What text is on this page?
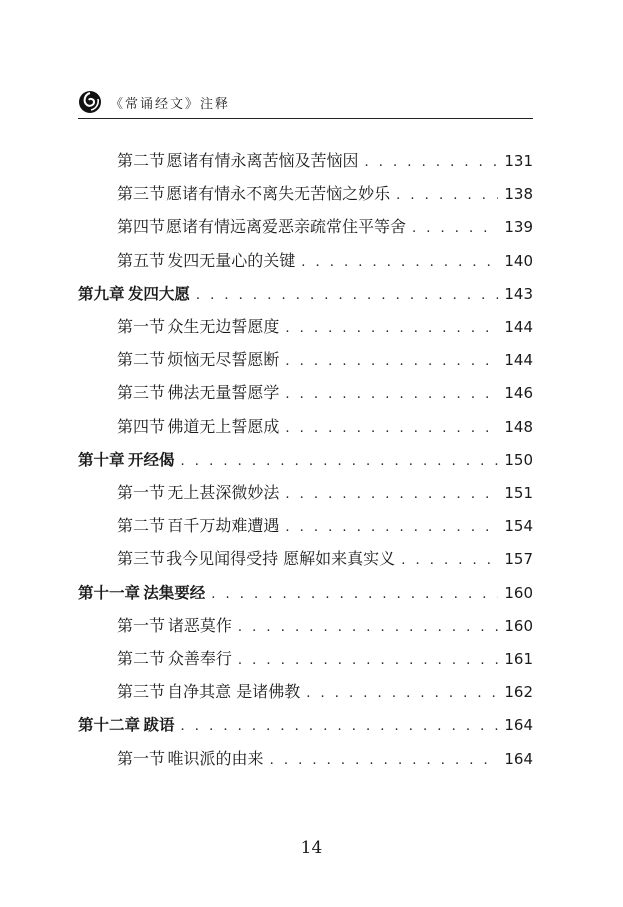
《常诵经文》注释
第二节 愿诸有情永离苦恼及苦恼因 . . .	131
第三节 愿诸有情永不离失无苦恼之妙乐 . . .	138
第四节 愿诸有情远离爱恶亲疏常住平等舍 . . .	139
第五节 发四无量心的关键 . . .	140
第九章 发四大愿 . . .	143
第一节 众生无边誓愿度 . . .	144
第二节 烦恼无尽誓愿断 . . .	144
第三节 佛法无量誓愿学 . . .	146
第四节 佛道无上誓愿成 . . .	148
第十章 开经偈 . . .	150
第一节 无上甚深微妙法 . . .	151
第二节 百千万劫难遭遇 . . .	154
第三节 我今见闻得受持 愿解如来真实义 . . .	157
第十一章 法集要经 . . .	160
第一节 诸恶莫作 . . .	160
第二节 众善奉行 . . .	161
第三节 自净其意 是诸佛教 . . .	162
第十二章 跋语 . . .	164
第一节 唯识派的由来 . . .	164
14
